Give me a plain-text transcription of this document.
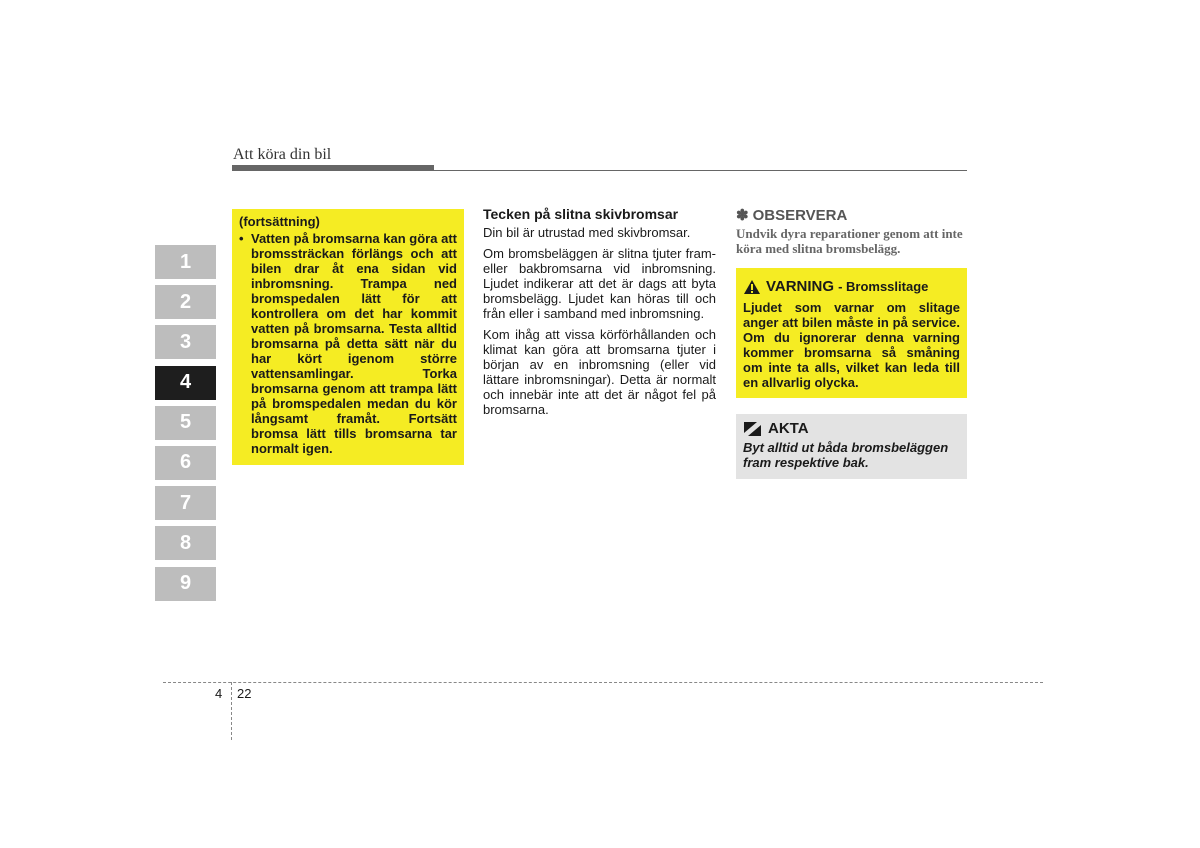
Att köra din bil
1
2
3
4
5
6
7
8
9
(fortsättning)
• Vatten på bromsarna kan göra att bromssträckan förlängs och att bilen drar åt ena sidan vid inbromsning. Trampa ned bromspedalen lätt för att kontrollera om det har kommit vatten på bromsarna. Testa alltid bromsarna på detta sätt när du har kört igenom större vattensamlingar. Torka bromsarna genom att trampa lätt på bromspedalen medan du kör långsamt framåt. Fortsätt bromsa lätt tills bromsarna tar normalt igen.
Tecken på slitna skivbromsar

Din bil är utrustad med skivbromsar.

Om bromsbeläggen är slitna tjuter fram- eller bakbromsarna vid inbromsning. Ljudet indikerar att det är dags att byta bromsbelägg. Ljudet kan höras till och från eller i samband med inbromsning.

Kom ihåg att vissa körförhållanden och klimat kan göra att bromsarna tjuter i början av en inbromsning (eller vid lättare inbromsningar). Detta är normalt och innebär inte att det är något fel på bromsarna.

✽ OBSERVERA
Undvik dyra reparationer genom att inte köra med slitna bromsbelägg.
VARNING - Bromsslitage
Ljudet som varnar om slitage anger att bilen måste in på service. Om du ignorerar denna varning kommer bromsarna så småning om inte ta alls, vilket kan leda till en allvarlig olycka.
AKTA
Byt alltid ut båda bromsbeläggen fram respektive bak.
4 22
